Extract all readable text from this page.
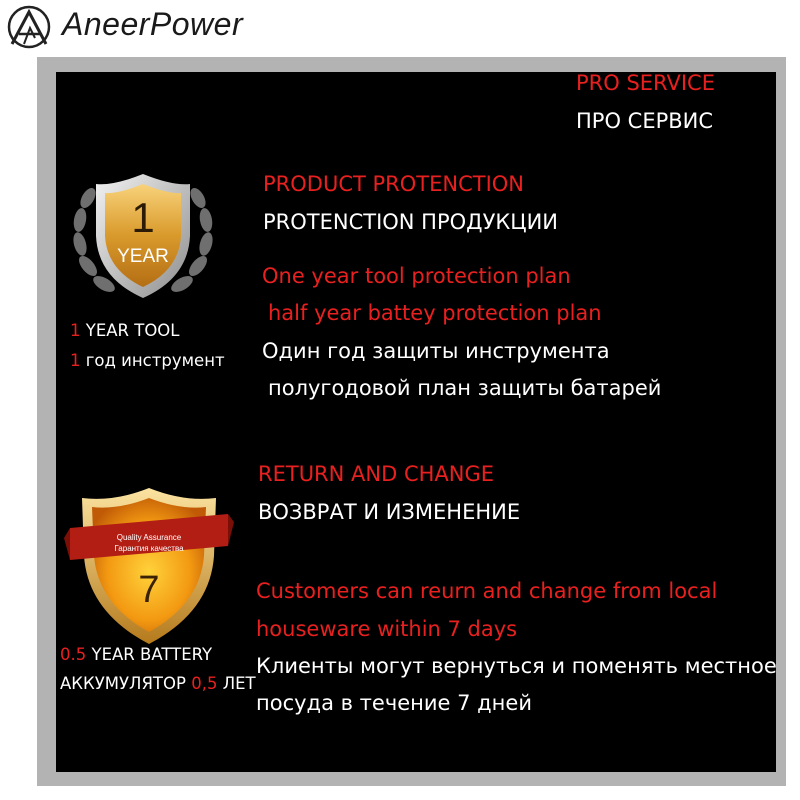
AneerPower
PRO SERVICE
ПРО СЕРВИС
1
YEAR
1 YEAR TOOL
1 год инструмент
PRODUCT PROTENCTION
PROTENCTION ПРОДУКЦИИ
One year tool protection plan
half year battey protection plan
Один год защиты инструмента
полугодовой план защиты батарей
Quality Assurance
Гарантия качества
7
0.5 YEAR BATTERY
АККУМУЛЯТОР 0,5 ЛЕТ
RETURN AND CHANGE
ВОЗВРАТ И ИЗМЕНЕНИЕ
Customers can reurn and change from local
houseware within 7 days
Клиенты могут вернуться и поменять местное
посуда в течение 7 дней
